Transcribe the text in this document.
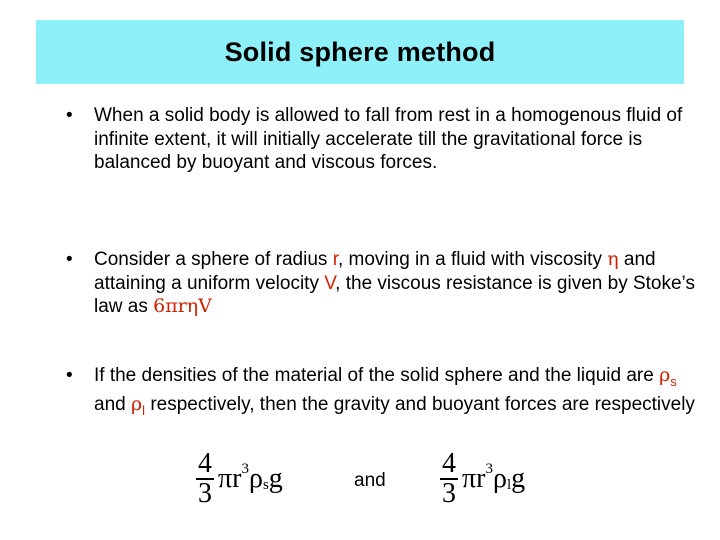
Solid sphere method
• When a solid body is allowed to fall from rest in a homogenous fluid of infinite extent, it will initially accelerate till the gravitational force is balanced by buoyant and viscous forces.
• Consider a sphere of radius r, moving in a fluid with viscosity η and attaining a uniform velocity V, the viscous resistance is given by Stoke’s law as 6πrηV
• If the densities of the material of the solid sphere and the liquid are $\rho_s$ and $\rho_l$ respectively, then the gravity and buoyant forces are respectively
$\frac{4}{3}$ π r 3 ρ s g	and $\frac{4}{3}$ π r 3 ρ l g
